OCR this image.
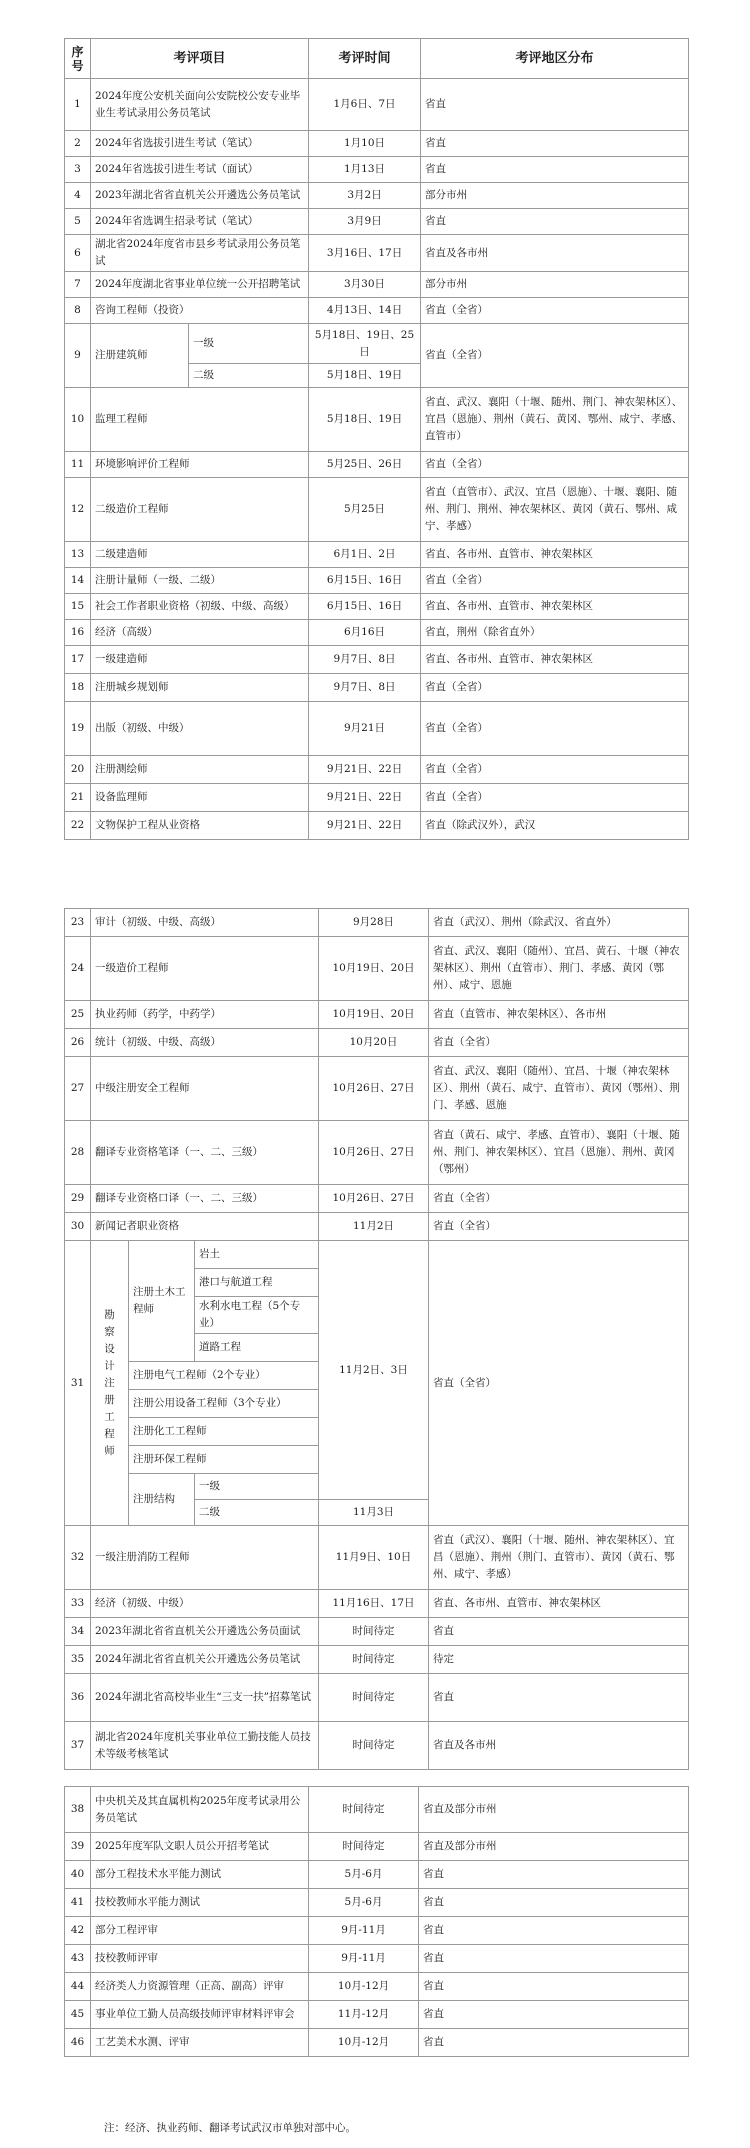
序号	考评项目		考评时间	考评地区分布
1	2024年度公安机关面向公安院校公安专业毕业生考试录用公务员笔试		1月6日、7日	省直
2	2024年省选拔引进生考试（笔试）		1月10日	省直
3	2024年省选拔引进生考试（面试）		1月13日	省直
4	2023年湖北省省直机关公开遴选公务员笔试		3月2日	部分市州
5	2024年省选调生招录考试（笔试）		3月9日	省直
6	湖北省2024年度省市县乡考试录用公务员笔试		3月16日、17日	省直及各市州
7	2024年度湖北省事业单位统一公开招聘笔试		3月30日	部分市州
8	咨询工程师（投资）		4月13日、14日	省直（全省）
9	注册建筑师	一级	5月18日、19日、25日	省直（全省）
		二级	5月18日、19日	
10	监理工程师		5月18日、19日	省直、武汉、襄阳（十堰、随州、荆门、神农架林区）、宜昌（恩施）、荆州（黄石、黄冈、鄂州、咸宁、孝感、直管市）
11	环境影响评价工程师		5月25日、26日	省直（全省）
12	二级造价工程师		5月25日	省直（直管市）、武汉、宜昌（恩施）、十堰、襄阳、随州、荆门、荆州、神农架林区、黄冈（黄石、鄂州、咸宁、孝感）
13	二级建造师		6月1日、2日	省直、各市州、直管市、神农架林区
14	注册计量师（一级、二级）		6月15日、16日	省直（全省）
15	社会工作者职业资格（初级、中级、高级）		6月15日、16日	省直、各市州、直管市、神农架林区
16	经济（高级）		6月16日	省直，荆州（除省直外）
17	一级建造师		9月7日、8日	省直、各市州、直管市、神农架林区
18	注册城乡规划师		9月7日、8日	省直（全省）
19	出版（初级、中级）		9月21日	省直（全省）
20	注册测绘师		9月21日、22日	省直（全省）
21	设备监理师		9月21日、22日	省直（全省）
22	文物保护工程从业资格		9月21日、22日	省直（除武汉外），武汉
23	审计（初级、中级、高级）			9月28日	省直（武汉）、荆州（除武汉、省直外）
24	一级造价工程师			10月19日、20日	省直、武汉、襄阳（随州）、宜昌、黄石、十堰（神农架林区）、荆州（直管市）、荆门、孝感、黄冈（鄂州）、咸宁、恩施
25	执业药师（药学，中药学）			10月19日、20日	省直（直管市、神农架林区）、各市州
26	统计（初级、中级、高级）			10月20日	省直（全省）
27	中级注册安全工程师			10月26日、27日	省直、武汉、襄阳（随州）、宜昌、十堰（神农架林区）、荆州（黄石、咸宁、直管市）、黄冈（鄂州）、荆门、孝感、恩施
28	翻译专业资格笔译（一、二、三级）			10月26日、27日	省直（黄石、咸宁、孝感、直管市）、襄阳（十堰、随州、荆门、神农架林区）、宜昌（恩施）、荆州、黄冈（鄂州）
29	翻译专业资格口译（一、二、三级）			10月26日、27日	省直（全省）
30	新闻记者职业资格			11月2日	省直（全省）
31	勘察设计注册工程师	注册土木工程师	岩土	11月2日、3日	省直（全省）
			港口与航道工程		
			水利水电工程（5个专业）		
			道路工程		
		注册电气工程师（2个专业）			
		注册公用设备工程师（3个专业）			
		注册化工工程师			
		注册环保工程师			
		注册结构	一级		
			二级	11月3日	
32	一级注册消防工程师			11月9日、10日	省直（武汉）、襄阳（十堰、随州、神农架林区）、宜昌（恩施）、荆州（荆门、直管市）、黄冈（黄石、鄂州、咸宁、孝感）
33	经济（初级、中级）			11月16日、17日	省直、各市州、直管市、神农架林区
34	2023年湖北省省直机关公开遴选公务员面试			时间待定	省直
35	2024年湖北省省直机关公开遴选公务员笔试			时间待定	待定
36	2024年湖北省高校毕业生“三支一扶”招募笔试			时间待定	省直
37	湖北省2024年度机关事业单位工勤技能人员技术等级考核笔试			时间待定	省直及各市州
38	中央机关及其直属机构2025年度考试录用公务员笔试	时间待定	省直及部分市州
39	2025年度军队文职人员公开招考笔试	时间待定	省直及部分市州
40	部分工程技术水平能力测试	5月-6月	省直
41	技校教师水平能力测试	5月-6月	省直
42	部分工程评审	9月-11月	省直
43	技校教师评审	9月-11月	省直
44	经济类人力资源管理（正高、副高）评审	10月-12月	省直
45	事业单位工勤人员高级技师评审材料评审会	11月-12月	省直
46	工艺美术水测、评审	10月-12月	省直
注：经济、执业药师、翻译考试武汉市单独对部中心。
